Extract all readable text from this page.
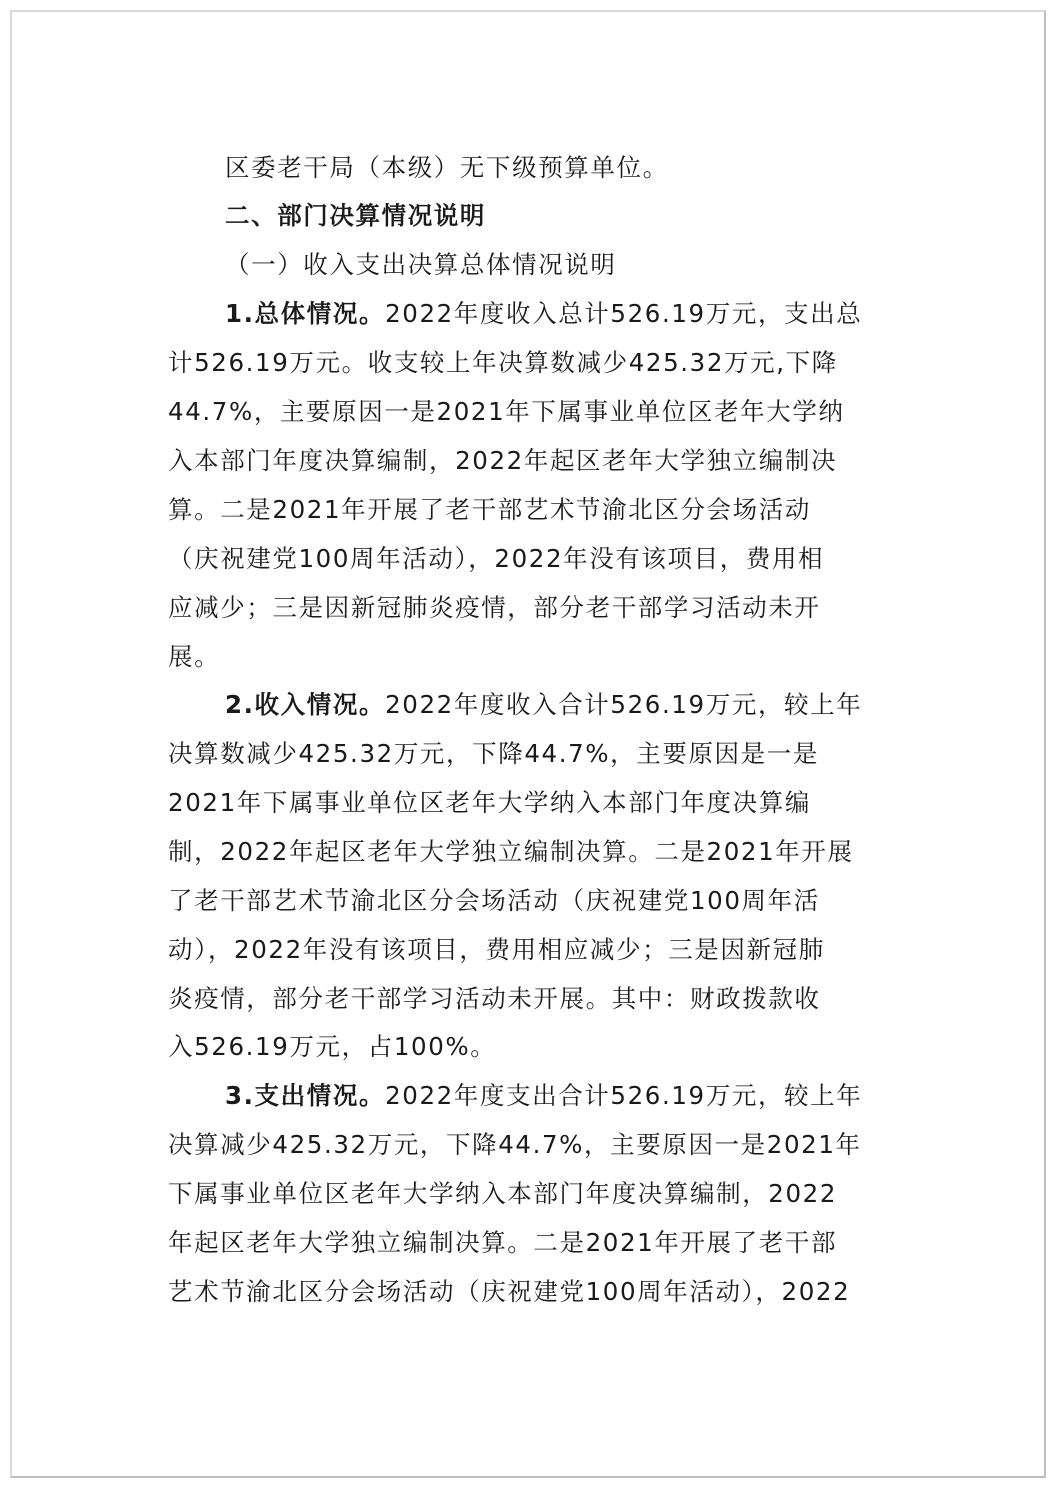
区委老干局（本级）无下级预算单位。

二、部门决算情况说明

（一）收入支出决算总体情况说明

1.总体情况。2022年度收入总计526.19万元，支出总

计526.19万元。收支较上年决算数减少425.32万元,下降

44.7%，主要原因一是2021年下属事业单位区老年大学纳

入本部门年度决算编制，2022年起区老年大学独立编制决

算。二是2021年开展了老干部艺术节渝北区分会场活动

（庆祝建党100周年活动），2022年没有该项目，费用相

应减少；三是因新冠肺炎疫情，部分老干部学习活动未开

展。

2.收入情况。2022年度收入合计526.19万元，较上年

决算数减少425.32万元，下降44.7%，主要原因是一是

2021年下属事业单位区老年大学纳入本部门年度决算编

制，2022年起区老年大学独立编制决算。二是2021年开展

了老干部艺术节渝北区分会场活动（庆祝建党100周年活

动），2022年没有该项目，费用相应减少；三是因新冠肺

炎疫情，部分老干部学习活动未开展。其中：财政拨款收

入526.19万元，占100%。

3.支出情况。2022年度支出合计526.19万元，较上年

决算减少425.32万元，下降44.7%，主要原因一是2021年

下属事业单位区老年大学纳入本部门年度决算编制，2022

年起区老年大学独立编制决算。二是2021年开展了老干部

艺术节渝北区分会场活动（庆祝建党100周年活动），2022
